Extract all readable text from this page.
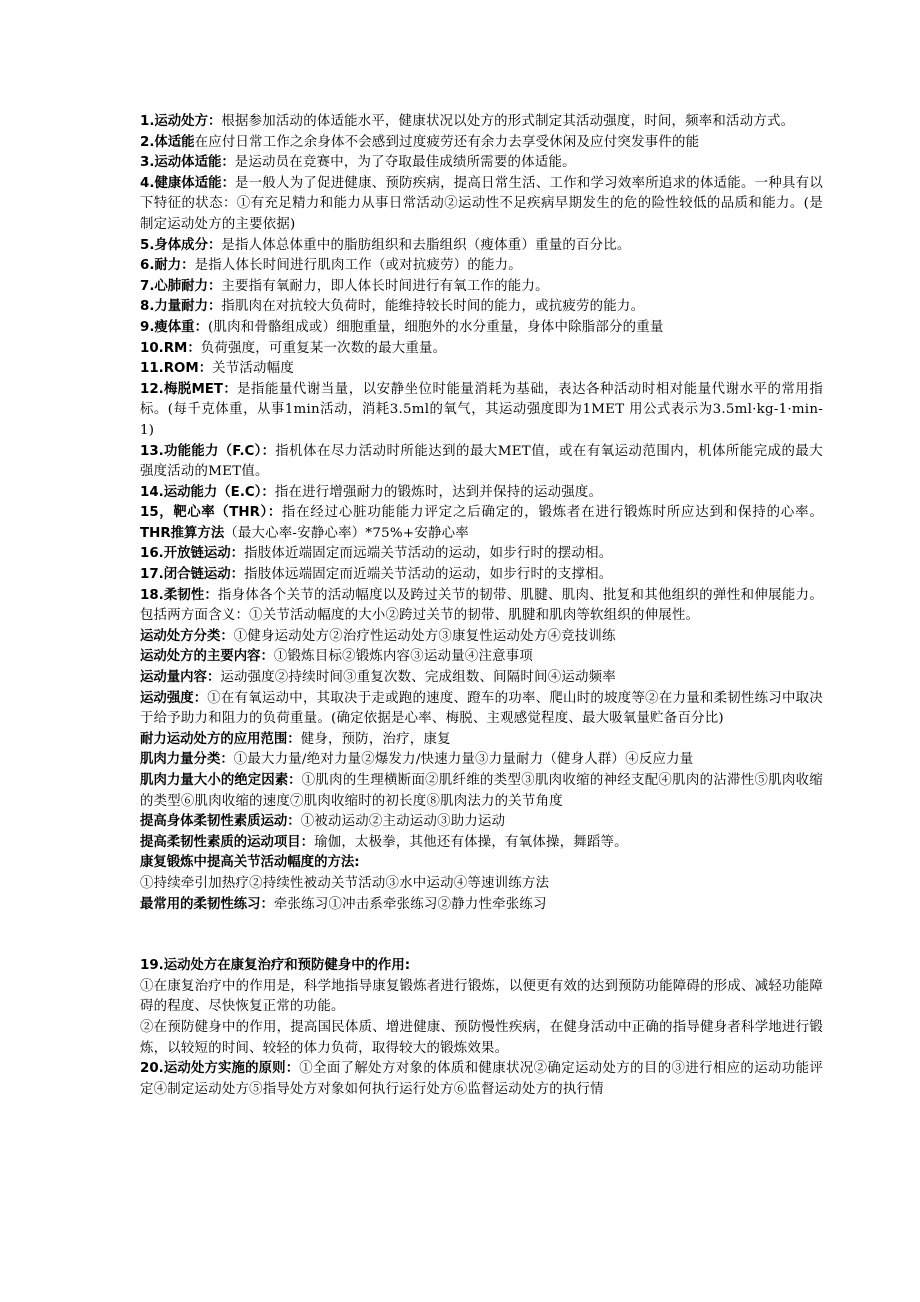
1.运动处方：根据参加活动的体适能水平，健康状况以处方的形式制定其活动强度，时间，频率和活动方式。

2.体适能在应付日常工作之余身体不会感到过度疲劳还有余力去享受休闲及应付突发事件的能

3.运动体适能：是运动员在竞赛中，为了夺取最佳成绩所需要的体适能。

4.健康体适能：是一般人为了促进健康、预防疾病，提高日常生活、工作和学习效率所追求的体适能。一种具有以下特征的状态：①有充足精力和能力从事日常活动②运动性不足疾病早期发生的危的险性较低的品质和能力。(是制定运动处方的主要依据)

5.身体成分：是指人体总体重中的脂肪组织和去脂组织（瘦体重）重量的百分比。

6.耐力：是指人体长时间进行肌肉工作（或对抗疲劳）的能力。

7.心肺耐力：主要指有氧耐力，即人体长时间进行有氧工作的能力。

8.力量耐力：指肌肉在对抗较大负荷时，能维持较长时间的能力，或抗疲劳的能力。

9.瘦体重：(肌肉和骨骼组成或）细胞重量，细胞外的水分重量，身体中除脂部分的重量

10.RM：负荷强度，可重复某一次数的最大重量。

11.ROM：关节活动幅度

12.梅脱MET：是指能量代谢当量，以安静坐位时能量消耗为基础，表达各种活动时相对能量代谢水平的常用指标。(每千克体重，从事1min活动，消耗3.5ml的氧气，其运动强度即为1MET 用公式表示为3.5ml·kg-1·min-1)

13.功能能力（F.C）：指机体在尽力活动时所能达到的最大MET值，或在有氧运动范围内，机体所能完成的最大强度活动的MET值。

14.运动能力（E.C）：指在进行增强耐力的锻炼时，达到并保持的运动强度。

15，靶心率（THR）：指在经过心脏功能能力评定之后确定的，锻炼者在进行锻炼时所应达到和保持的心率。THR推算方法（最大心率-安静心率）*75%+安静心率

16.开放链运动：指肢体近端固定而远端关节活动的运动，如步行时的摆动相。

17.闭合链运动：指肢体远端固定而近端关节活动的运动，如步行时的支撑相。

18.柔韧性：指身体各个关节的活动幅度以及跨过关节的韧带、肌腱、肌肉、批复和其他组织的弹性和伸展能力。包括两方面含义：①关节活动幅度的大小②跨过关节的韧带、肌腱和肌肉等软组织的伸展性。

运动处方分类：①健身运动处方②治疗性运动处方③康复性运动处方④竞技训练

运动处方的主要内容：①锻炼目标②锻炼内容③运动量④注意事项

运动量内容：运动强度②持续时间③重复次数、完成组数、间隔时间④运动频率

运动强度：①在有氧运动中，其取决于走或跑的速度、蹬车的功率、爬山时的坡度等②在力量和柔韧性练习中取决于给予助力和阻力的负荷重量。(确定依据是心率、梅脱、主观感觉程度、最大吸氧量贮备百分比)

耐力运动处方的应用范围：健身，预防，治疗，康复

肌肉力量分类：①最大力量/绝对力量②爆发力/快速力量③力量耐力（健身人群）④反应力量

肌肉力量大小的绝定因素：①肌肉的生理横断面②肌纤维的类型③肌肉收缩的神经支配④肌肉的沾滞性⑤肌肉收缩的类型⑥肌肉收缩的速度⑦肌肉收缩时的初长度⑧肌肉法力的关节角度

提高身体柔韧性素质运动：①被动运动②主动运动③助力运动

提高柔韧性素质的运动项目：瑜伽，太极拳，其他还有体操，有氧体操，舞蹈等。

康复锻炼中提高关节活动幅度的方法:

①持续牵引加热疗②持续性被动关节活动③水中运动④等速训练方法

最常用的柔韧性练习：牵张练习①冲击系牵张练习②静力性牵张练习

19.运动处方在康复治疗和预防健身中的作用:

①在康复治疗中的作用是，科学地指导康复锻炼者进行锻炼，以便更有效的达到预防功能障碍的形成、减轻功能障碍的程度、尽快恢复正常的功能。

②在预防健身中的作用，提高国民体质、增进健康、预防慢性疾病，在健身活动中正确的指导健身者科学地进行锻炼，以较短的时间、较轻的体力负荷，取得较大的锻炼效果。

20.运动处方实施的原则：①全面了解处方对象的体质和健康状况②确定运动处方的目的③进行相应的运动功能评定④制定运动处方⑤指导处方对象如何执行运行处方⑥监督运动处方的执行情
